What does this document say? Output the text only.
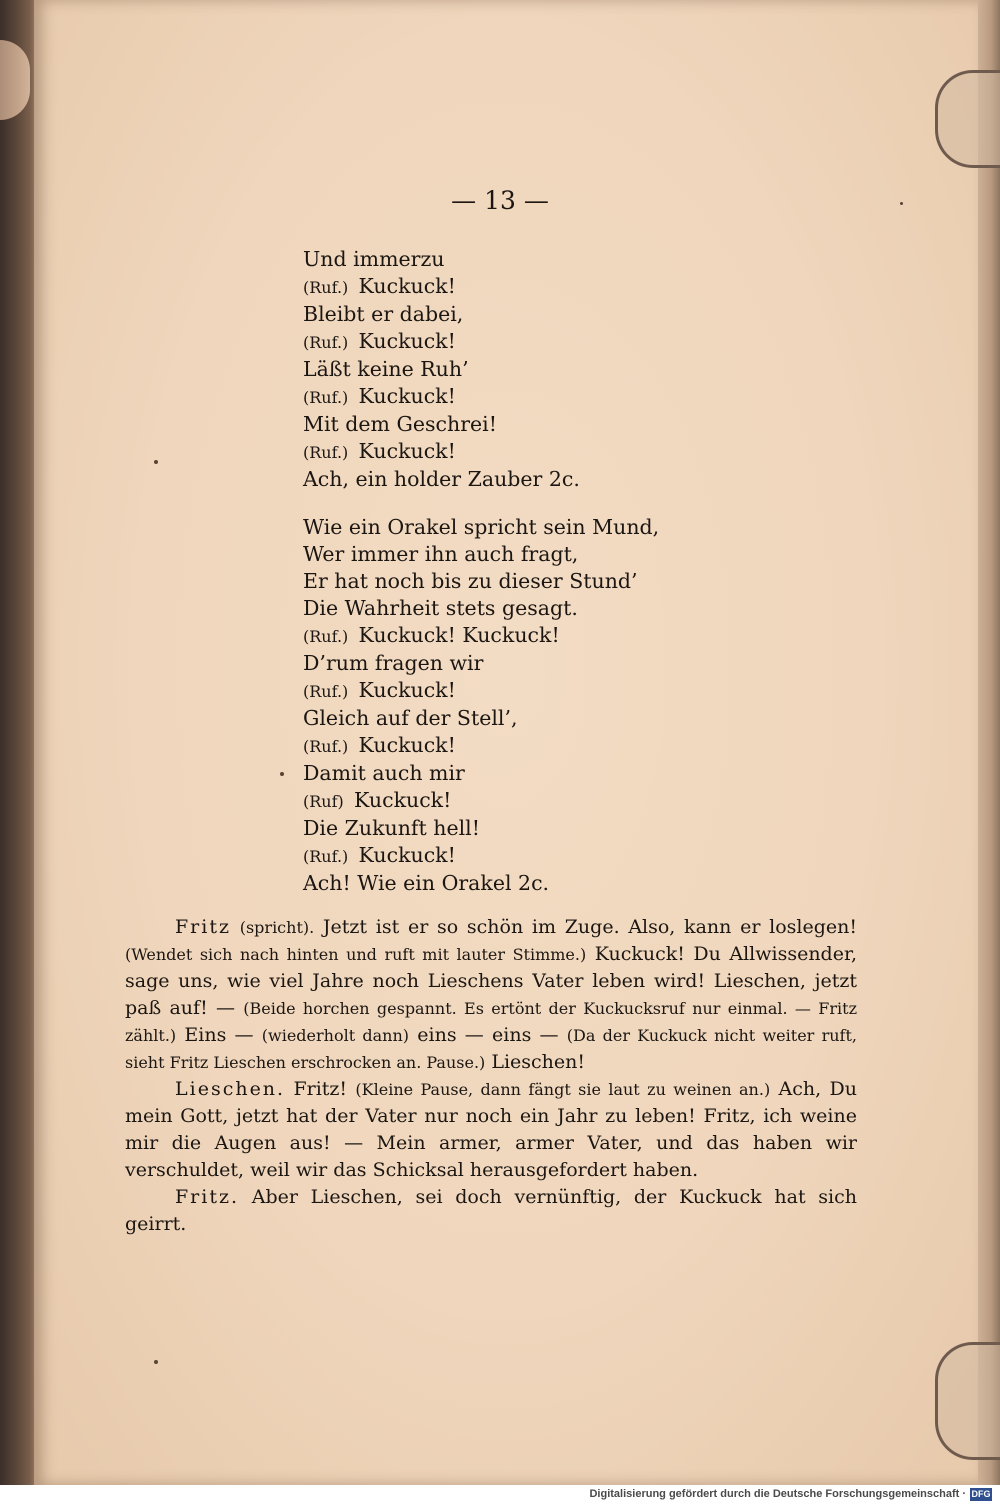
— 13 —
Und immerzu
(Ruf.)  Kuckuck!
Bleibt er dabei,
(Ruf.)  Kuckuck!
Läßt keine Ruh’
(Ruf.)  Kuckuck!
Mit dem Geschrei!
(Ruf.)  Kuckuck!
Ach, ein holder Zauber 2c.
Wie ein Orakel spricht sein Mund,
Wer immer ihn auch fragt,
Er hat noch bis zu dieser Stund’
Die Wahrheit stets gesagt.
(Ruf.)  Kuckuck! Kuckuck!
D’rum fragen wir
(Ruf.)  Kuckuck!
Gleich auf der Stell’,
(Ruf.)  Kuckuck!
Damit auch mir
(Ruf)  Kuckuck!
Die Zukunft hell!
(Ruf.)  Kuckuck!
Ach! Wie ein Orakel 2c.

Fritz (spricht). Jetzt ist er so schön im Zuge. Also, kann er loslegen! (Wendet sich nach hinten und ruft mit lauter Stimme.) Kuckuck! Du Allwissender, sage uns, wie viel Jahre noch Lieschens Vater leben wird! Lieschen, jetzt paß auf! — (Beide horchen gespannt. Es ertönt der Kuckucksruf nur einmal. — Fritz zählt.) Eins — (wiederholt dann) eins — eins — (Da der Kuckuck nicht weiter ruft, sieht Fritz Lieschen erschrocken an. Pause.) Lieschen!

Lieschen. Fritz! (Kleine Pause, dann fängt sie laut zu weinen an.) Ach, Du mein Gott, jetzt hat der Vater nur noch ein Jahr zu leben! Fritz, ich weine mir die Augen aus! — Mein armer, armer Vater, und das haben wir verschuldet, weil wir das Schicksal herausgefordert haben.

Fritz. Aber Lieschen, sei doch vernünftig, der Kuckuck hat sich geirrt.

Digitalisierung gefördert durch die Deutsche Forschungsgemeinschaft · DFG
